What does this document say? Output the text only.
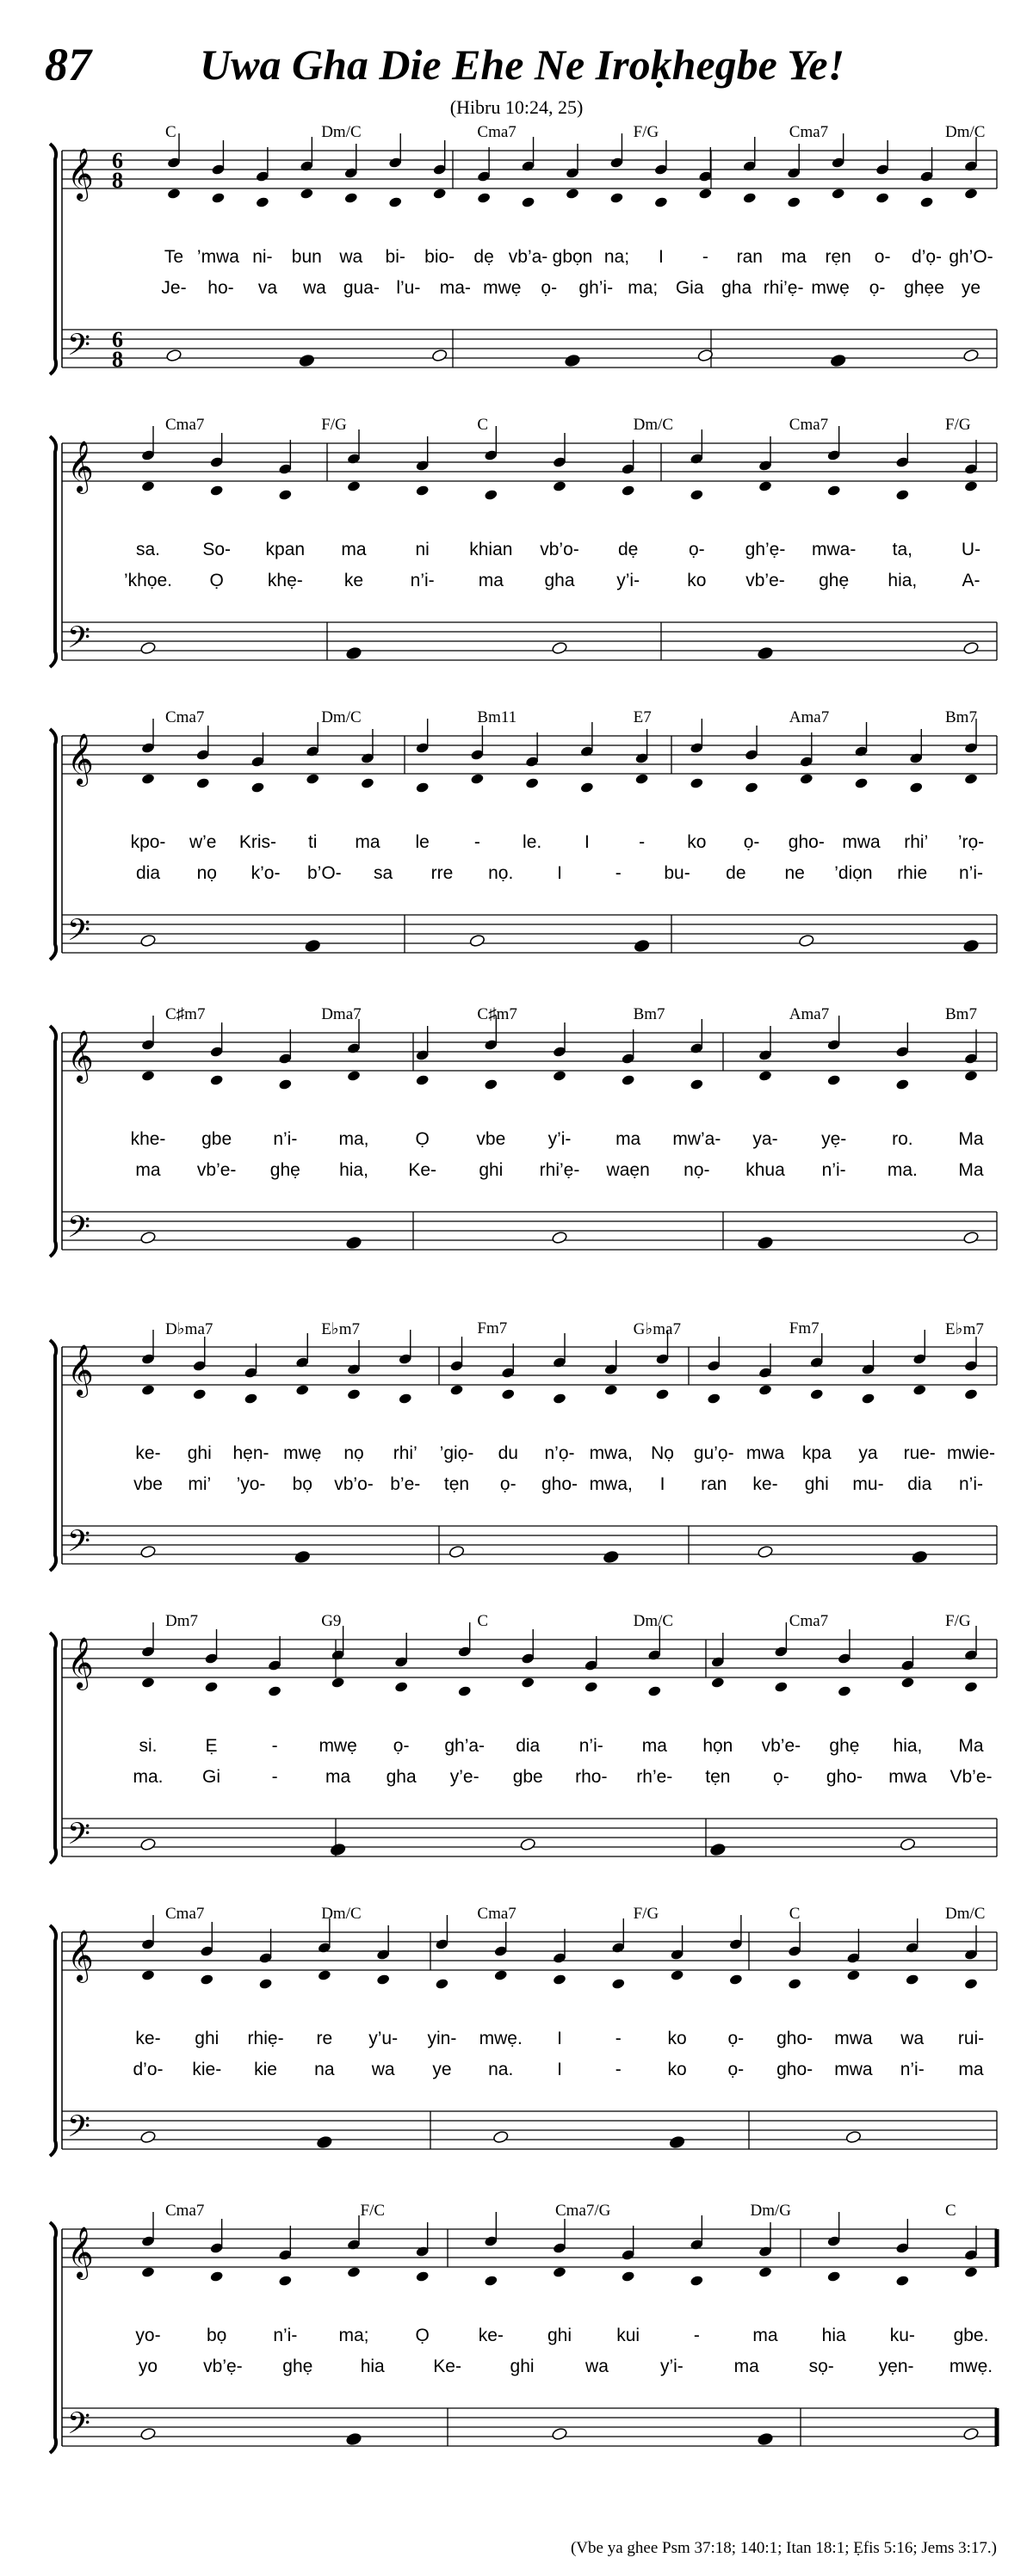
87	Uwa Gha Die Ehe Ne Iroḳhegbe Ye!
(Hibru 10:24, 25)
𝄞
𝄢
6
8
6
8
C	Dm/C	Cma7	F/G	Cma7	Dm/C
Te ’mwa ni- bun wa bi- bio- dẹ vb’a- gbọn na; I - ran ma rẹn o- d’ọ- gh’O-
Je- ho- va wa gua- l’u- ma- mwẹ ọ- gh’i- ma; Gia gha rhi’ẹ- mwẹ ọ- ghẹe ye
𝄞
𝄢
Cma7	F/G	C	Dm/C	Cma7	F/G
sa. So- kpan ma	ni khian vb’o- dẹ	ọ- gh’ẹ- mwa- ta,	U-
’khọe. Ọ khẹ- ke	n’i- ma gha y’i-	ko vb’e- ghẹ hia, A-
𝄞
𝄢
Cma7	Dm/C	Bm11	E7	Ama7	Bm7
kpo- w’e Kris- ti ma le - le. I	- ko ọ- gho- mwa rhi’ ’rọ-
dia nọ k’o- b’O- sa rre nọ. I	- bu- de ne ’diọn rhie n’i-
𝄞
𝄢
C♯m7	Dma7	C♯m7	Bm7	Ama7	Bm7
khe- gbe n’i- ma,	Ọ	vbe y’i- ma mw’a- ya- yẹ-	ro.	Ma
ma vb’e- ghẹ hia, Ke- ghi rhi’ẹ- waẹn nọ- khua n’i- ma. Ma
𝄞
𝄢
D♭ma7	E♭m7	Fm7	G♭ma7	Fm7	E♭m7
ke- ghi hẹn- mwẹ nọ rhi’ ’giọ- du n’ọ- mwa, Nọ gu’ọ- mwa kpa ya rue- mwie-
vbe mi’ ’yo- bọ vb’o- b’e- tẹn ọ- gho- mwa, I ran ke- ghi mu- dia n’i-
𝄞
𝄢
Dm7	G9	C	Dm/C	Cma7	F/G
si.	Ẹ	- mwẹ ọ- gh’a- dia n’i- ma họn vb’e- ghẹ hia, Ma
ma. Gi	-	ma gha y’e- gbe rho- rh’e- tẹn ọ- gho- mwa Vb’e-
𝄞
𝄢
Cma7	Dm/C	Cma7	F/G	C	Dm/C
ke- ghi rhiẹ- re y’u- yin- mwẹ. I	-	ko ọ- gho- mwa wa rui-
d’o- kie- kie na wa ye na. I	-	ko ọ- gho- mwa n’i- ma
𝄞
𝄢
Cma7	F/C	Cma7/G	Dm/G	C
yo-	bọ	n’i- ma;	Ọ	ke- ghi kui	-	ma hia ku- gbe.
yo	vb’ẹ- ghẹ	hia	Ke-	ghi	wa	y’i-	ma	sọ- yẹn- mwẹ.
(Vbe ya ghee Psm 37:18; 140:1; Itan 18:1; Ẹfis 5:16; Jems 3:17.)
